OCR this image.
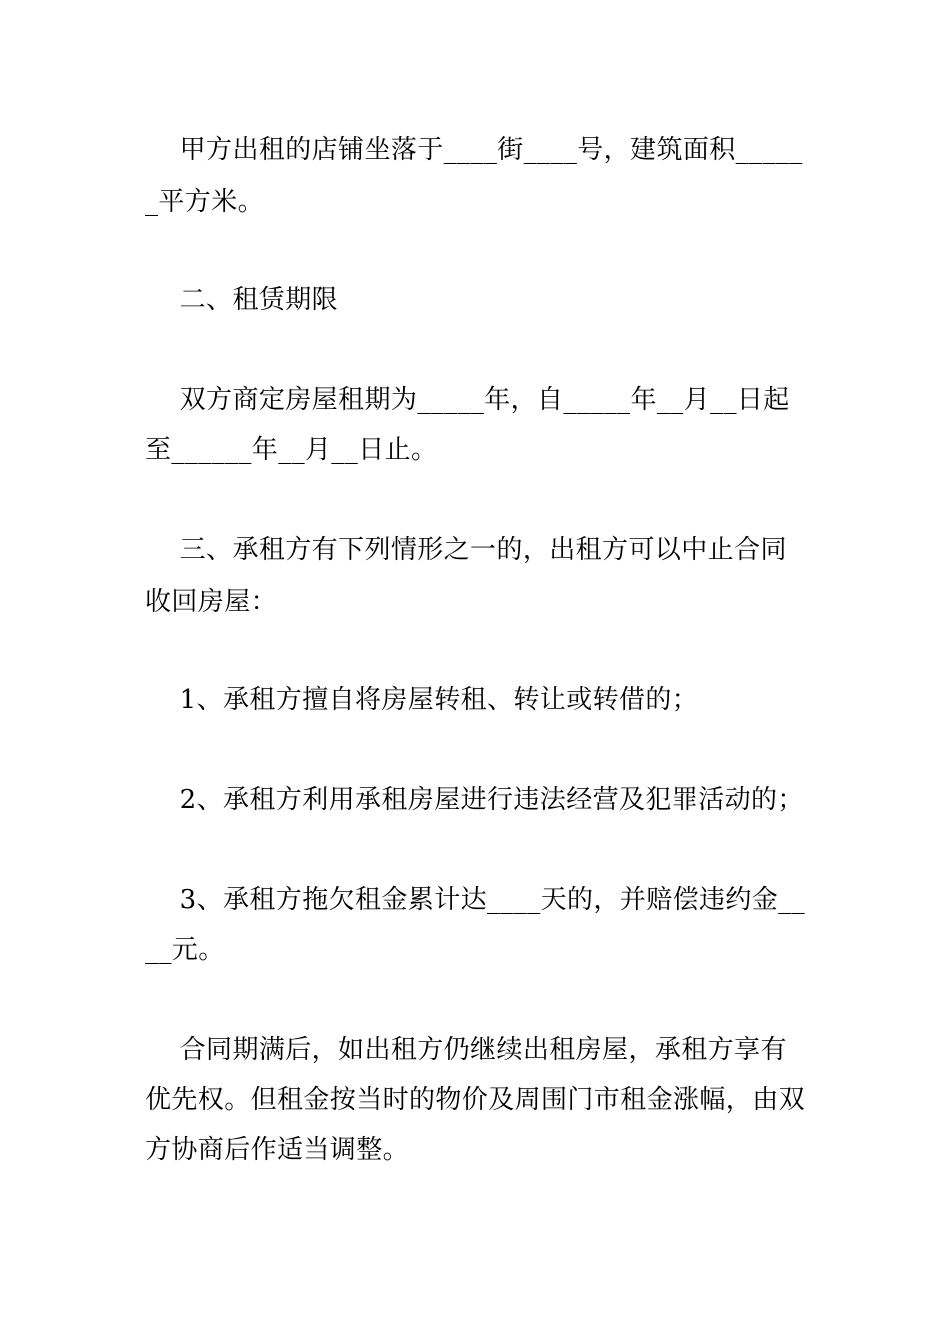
甲方出租的店铺坐落于____街____号，建筑面积_____
_平方米。
二、租赁期限
双方商定房屋租期为_____年，自_____年__月__日起
至______年__月__日止。
三、承租方有下列情形之一的，出租方可以中止合同
收回房屋：
1、承租方擅自将房屋转租、转让或转借的；
2、承租方利用承租房屋进行违法经营及犯罪活动的；
3、承租方拖欠租金累计达____天的，并赔偿违约金__
__元。
合同期满后，如出租方仍继续出租房屋，承租方享有
优先权。但租金按当时的物价及周围门市租金涨幅，由双
方协商后作适当调整。
